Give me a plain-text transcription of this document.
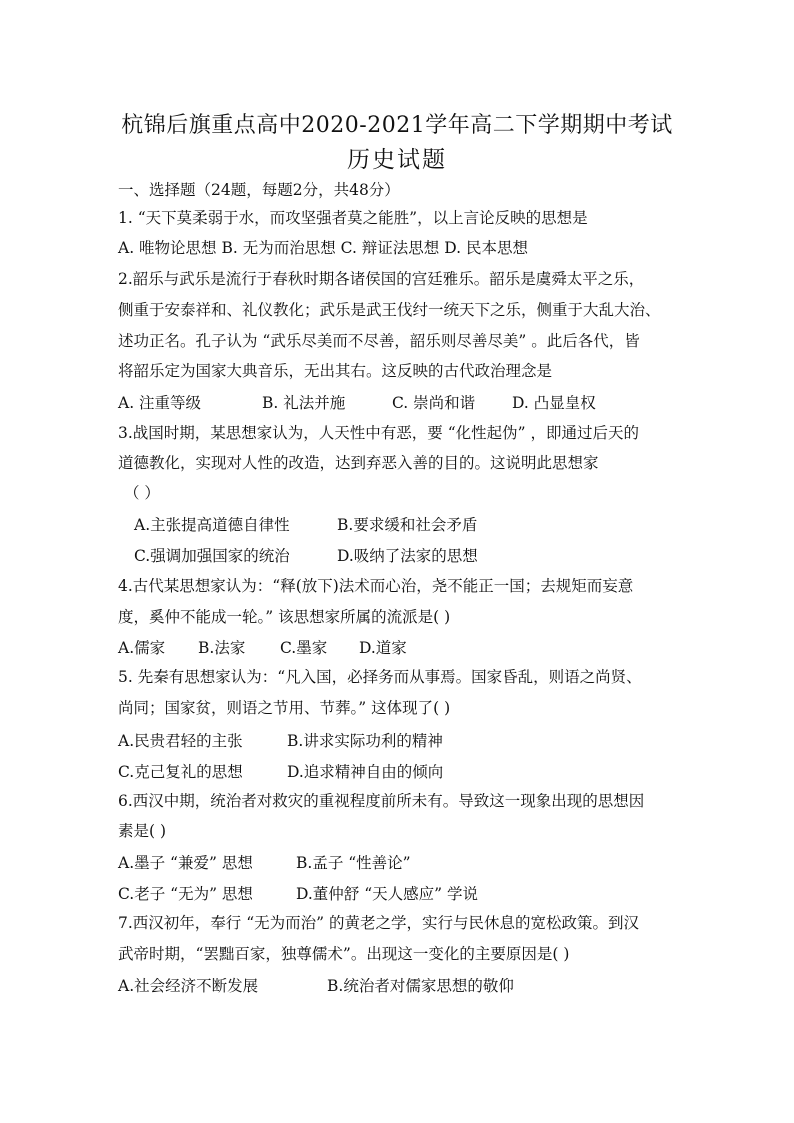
杭锦后旗重点高中2020-2021学年高二下学期期中考试
历史试题
一、选择题（24题，每题2分，共48分）
1. “天下莫柔弱于水，而攻坚强者莫之能胜”，以上言论反映的思想是
A. 唯物论思想 B. 无为而治思想 C. 辩证法思想 D. 民本思想
2.韶乐与武乐是流行于春秋时期各诸侯国的宫廷雅乐。韶乐是虞舜太平之乐，
侧重于安泰祥和、礼仪教化；武乐是武王伐纣一统天下之乐，侧重于大乱大治、
述功正名。孔子认为 “武乐尽美而不尽善，韶乐则尽善尽美” 。此后各代，皆
将韶乐定为国家大典音乐，无出其右。这反映的古代政治理念是
A. 注重等级	B. 礼法并施	C. 崇尚和谐 D. 凸显皇权
3.战国时期，某思想家认为，人天性中有恶，要 “化性起伪” ，即通过后天的
道德教化，实现对人性的改造，达到弃恶入善的目的。这说明此思想家
（ ）
A.主张提高道德自律性	B.要求缓和社会矛盾
C.强调加强国家的统治	D.吸纳了法家的思想
4.古代某思想家认为：“释(放下)法术而心治，尧不能正一国；去规矩而妄意
度，奚仲不能成一轮。” 该思想家所属的流派是( )
A.儒家 B.法家 C.墨家 D.道家
5. 先秦有思想家认为：“凡入国，必择务而从事焉。国家昏乱，则语之尚贤、
尚同；国家贫，则语之节用、节葬。” 这体现了( )
A.民贵君轻的主张	B.讲求实际功利的精神
C.克己复礼的思想	D.追求精神自由的倾向
6.西汉中期，统治者对救灾的重视程度前所未有。导致这一现象出现的思想因
素是( )
A.墨子 “兼爱” 思想	B.孟子 “性善论”
C.老子 “无为” 思想	D.董仲舒 “天人感应” 学说
7.西汉初年，奉行 “无为而治” 的黄老之学，实行与民休息的宽松政策。到汉
武帝时期，“罢黜百家，独尊儒术”。出现这一变化的主要原因是( )
A.社会经济不断发展	B.统治者对儒家思想的敬仰
